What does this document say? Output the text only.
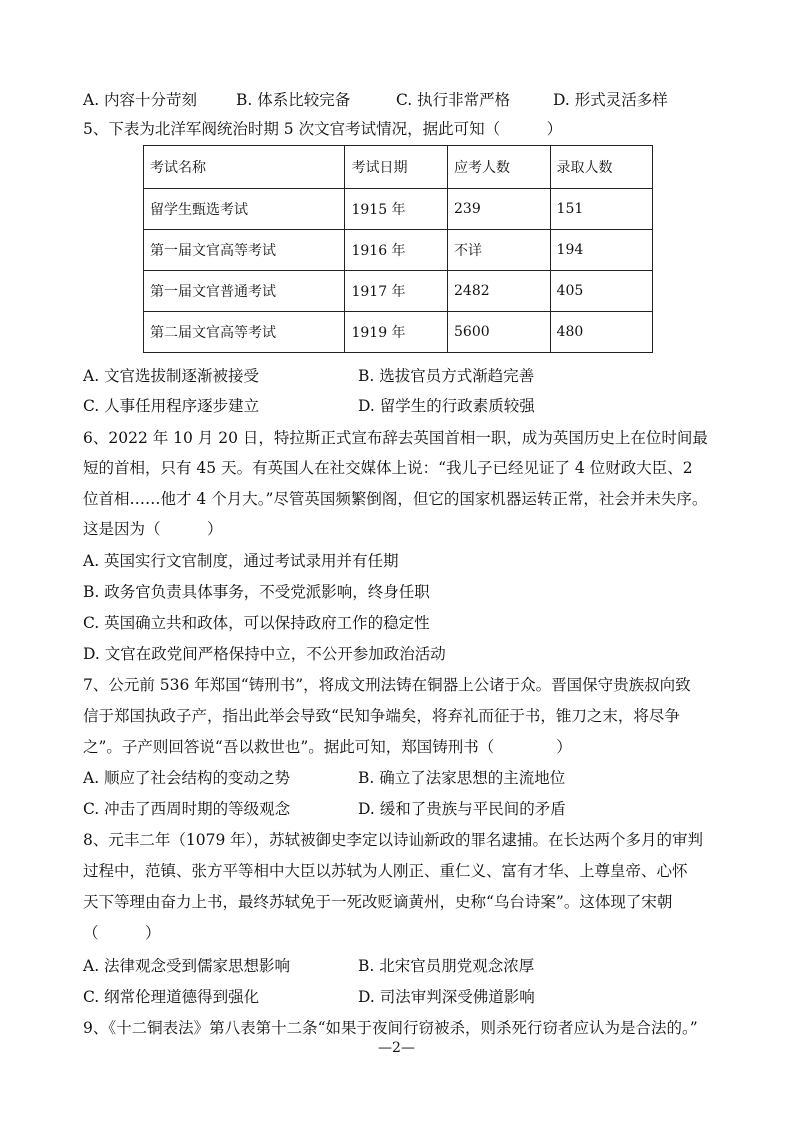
A. 内容十分苛刻	B. 体系比较完备	C. 执行非常严格	D. 形式灵活多样
5、下表为北洋军阀统治时期 5 次文官考试情况，据此可知（　　　）
考试名称	考试日期	应考人数	录取人数
留学生甄选考试	1915 年	239	151
第一届文官高等考试	1916 年	不详	194
第一届文官普通考试	1917 年	2482	405
第二届文官高等考试	1919 年	5600	480
A. 文官选拔制逐渐被接受	B. 选拔官员方式渐趋完善
C. 人事任用程序逐步建立	D. 留学生的行政素质较强
6、2022 年 10 月 20 日，特拉斯正式宣布辞去英国首相一职，成为英国历史上在位时间最
短的首相，只有 45 天。有英国人在社交媒体上说：“我儿子已经见证了 4 位财政大臣、2
位首相……他才 4 个月大。”尽管英国频繁倒阁，但它的国家机器运转正常，社会并未失序。
这是因为（　　　）
A. 英国实行文官制度，通过考试录用并有任期
B. 政务官负责具体事务，不受党派影响，终身任职
C. 英国确立共和政体，可以保持政府工作的稳定性
D. 文官在政党间严格保持中立，不公开参加政治活动
7、公元前 536 年郑国“铸刑书”，将成文刑法铸在铜器上公诸于众。晋国保守贵族叔向致
信于郑国执政子产，指出此举会导致“民知争端矣，将弃礼而征于书，锥刀之末，将尽争
之”。子产则回答说“吾以救世也”。据此可知，郑国铸刑书（　　　　）
A. 顺应了社会结构的变动之势	B. 确立了法家思想的主流地位
C. 冲击了西周时期的等级观念	D. 缓和了贵族与平民间的矛盾
8、元丰二年（1079 年），苏轼被御史李定以诗讪新政的罪名逮捕。在长达两个多月的审判
过程中，范镇、张方平等相中大臣以苏轼为人刚正、重仁义、富有才华、上尊皇帝、心怀
天下等理由奋力上书，最终苏轼免于一死改贬谪黄州，史称“乌台诗案”。这体现了宋朝
（　　　）
A. 法律观念受到儒家思想影响	B. 北宋官员朋党观念浓厚
C. 纲常伦理道德得到强化	D. 司法审判深受佛道影响
9、《十二铜表法》第八表第十二条“如果于夜间行窃被杀，则杀死行窃者应认为是合法的。”
—2—
